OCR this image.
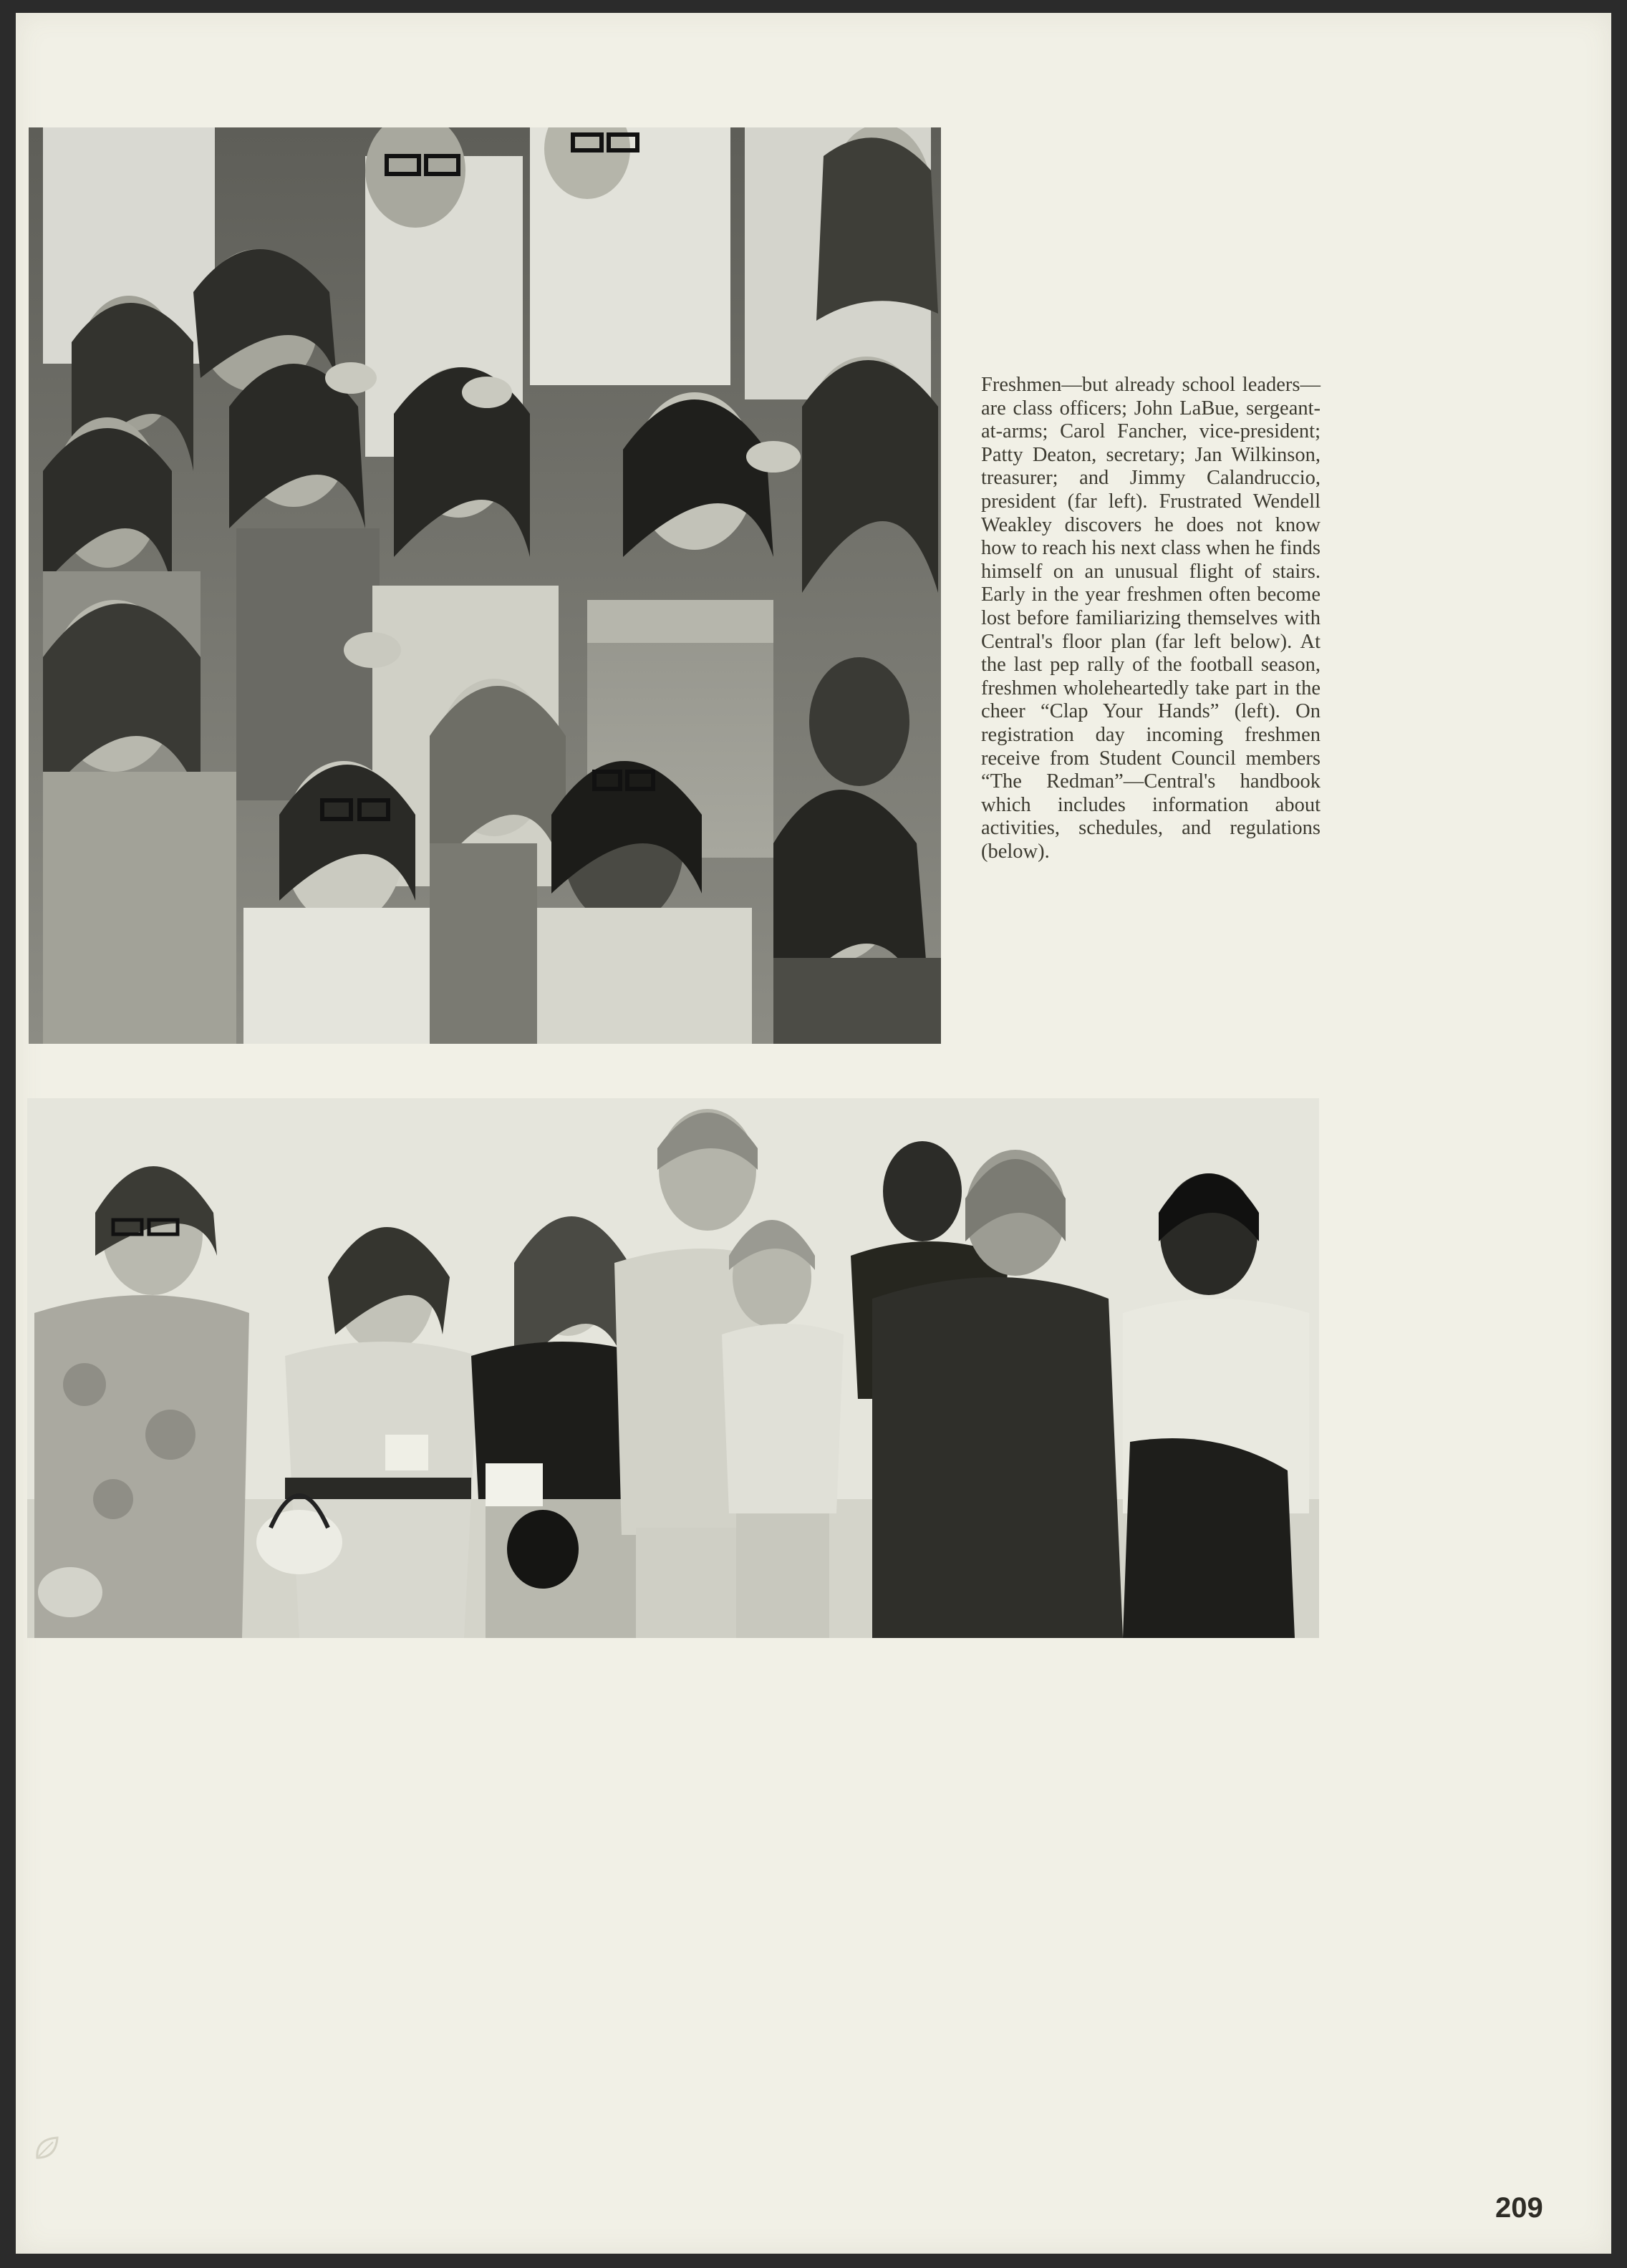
Freshmen—but already school leaders—are class officers; John LaBue, sergeant-at-arms; Carol Fancher, vice-president; Patty Deaton, secretary; Jan Wilkinson, treasurer; and Jimmy Calandruccio, president (far left). Frustrated Wendell Weakley discovers he does not know how to reach his next class when he finds himself on an unusual flight of stairs. Early in the year freshmen often become lost before familiarizing themselves with Central's floor plan (far left below). At the last pep rally of the football season, freshmen wholeheartedly take part in the cheer “Clap Your Hands” (left). On registration day incoming freshmen receive from Student Council members “The Redman”—Central's handbook which includes information about activities, schedules, and regulations (below).
209
